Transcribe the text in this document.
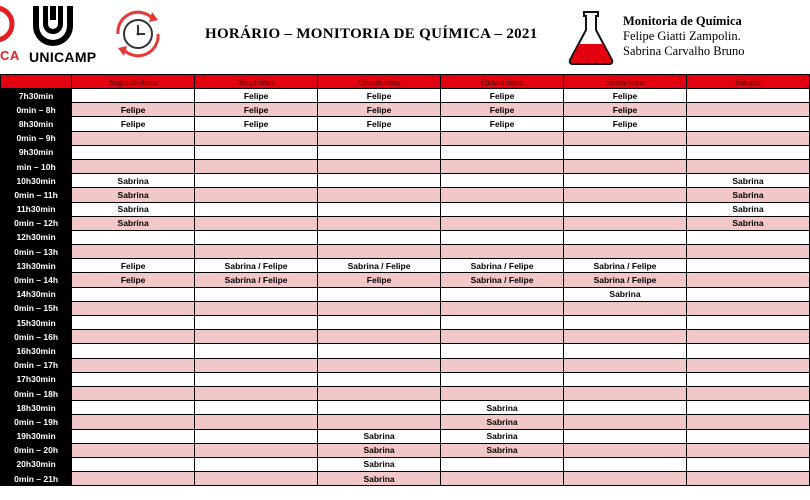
CA UNICAMP
HORÁRIO – MONITORIA DE QUÍMICA – 2021
Monitoria de Química
Felipe Giatti Zampolin.
Sabrina Carvalho Bruno
	Segunda-feira	Terça-feira	Quarta-feira	Quinta-feira	Sexta-feira	Sábado
7h30min		Felipe	Felipe	Felipe	Felipe	
0min – 8h	Felipe	Felipe	Felipe	Felipe	Felipe	
8h30min	Felipe	Felipe	Felipe	Felipe	Felipe	
0min – 9h						
9h30min						
min – 10h						
10h30min	Sabrina					Sabrina
0min – 11h	Sabrina					Sabrina
11h30min	Sabrina					Sabrina
0min – 12h	Sabrina					Sabrina
12h30min						
0min – 13h						
13h30min	Felipe	Sabrina / Felipe	Sabrina / Felipe	Sabrina / Felipe	Sabrina / Felipe	
0min – 14h	Felipe	Sabrina / Felipe	Felipe	Sabrina / Felipe	Sabrina / Felipe	
14h30min					Sabrina	
0min – 15h						
15h30min						
0min – 16h						
16h30min						
0min – 17h						
17h30min						
0min – 18h						
18h30min				Sabrina		
0min – 19h				Sabrina		
19h30min			Sabrina	Sabrina		
0min – 20h			Sabrina	Sabrina		
20h30min			Sabrina			
0min – 21h			Sabrina			
